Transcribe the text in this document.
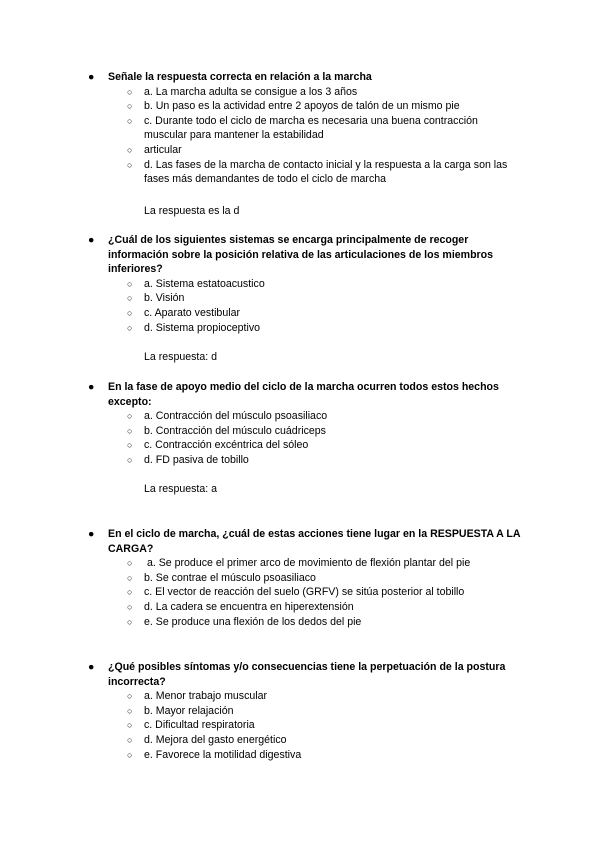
● Señale la respuesta correcta en relación a la marcha
○ a. La marcha adulta se consigue a los 3 años
○ b. Un paso es la actividad entre 2 apoyos de talón de un mismo pie
○ c. Durante todo el ciclo de marcha es necesaria una buena contracción muscular para mantener la estabilidad
○ articular
○ d. Las fases de la marcha de contacto inicial y la respuesta a la carga son las fases más demandantes de todo el ciclo de marcha
La respuesta es la d
● ¿Cuál de los siguientes sistemas se encarga principalmente de recoger información sobre la posición relativa de las articulaciones de los miembros inferiores?
○ a. Sistema estatoacustico
○ b. Visión
○ c. Aparato vestibular
○ d. Sistema propioceptivo
La respuesta: d
● En la fase de apoyo medio del ciclo de la marcha ocurren todos estos hechos excepto:
○ a. Contracción del músculo psoasiliaco
○ b. Contracción del músculo cuádriceps
○ c. Contracción excéntrica del sóleo
○ d. FD pasiva de tobillo
La respuesta: a
● En el ciclo de marcha, ¿cuál de estas acciones tiene lugar en la RESPUESTA A LA CARGA?
○ a. Se produce el primer arco de movimiento de flexión plantar del pie
○ b. Se contrae el músculo psoasiliaco
○ c. El vector de reacción del suelo (GRFV) se sitúa posterior al tobillo
○ d. La cadera se encuentra en hiperextensión
○ e. Se produce una flexión de los dedos del pie
● ¿Qué posibles síntomas y/o consecuencias tiene la perpetuación de la postura incorrecta?
○ a. Menor trabajo muscular
○ b. Mayor relajación
○ c. Dificultad respiratoria
○ d. Mejora del gasto energético
○ e. Favorece la motilidad digestiva
